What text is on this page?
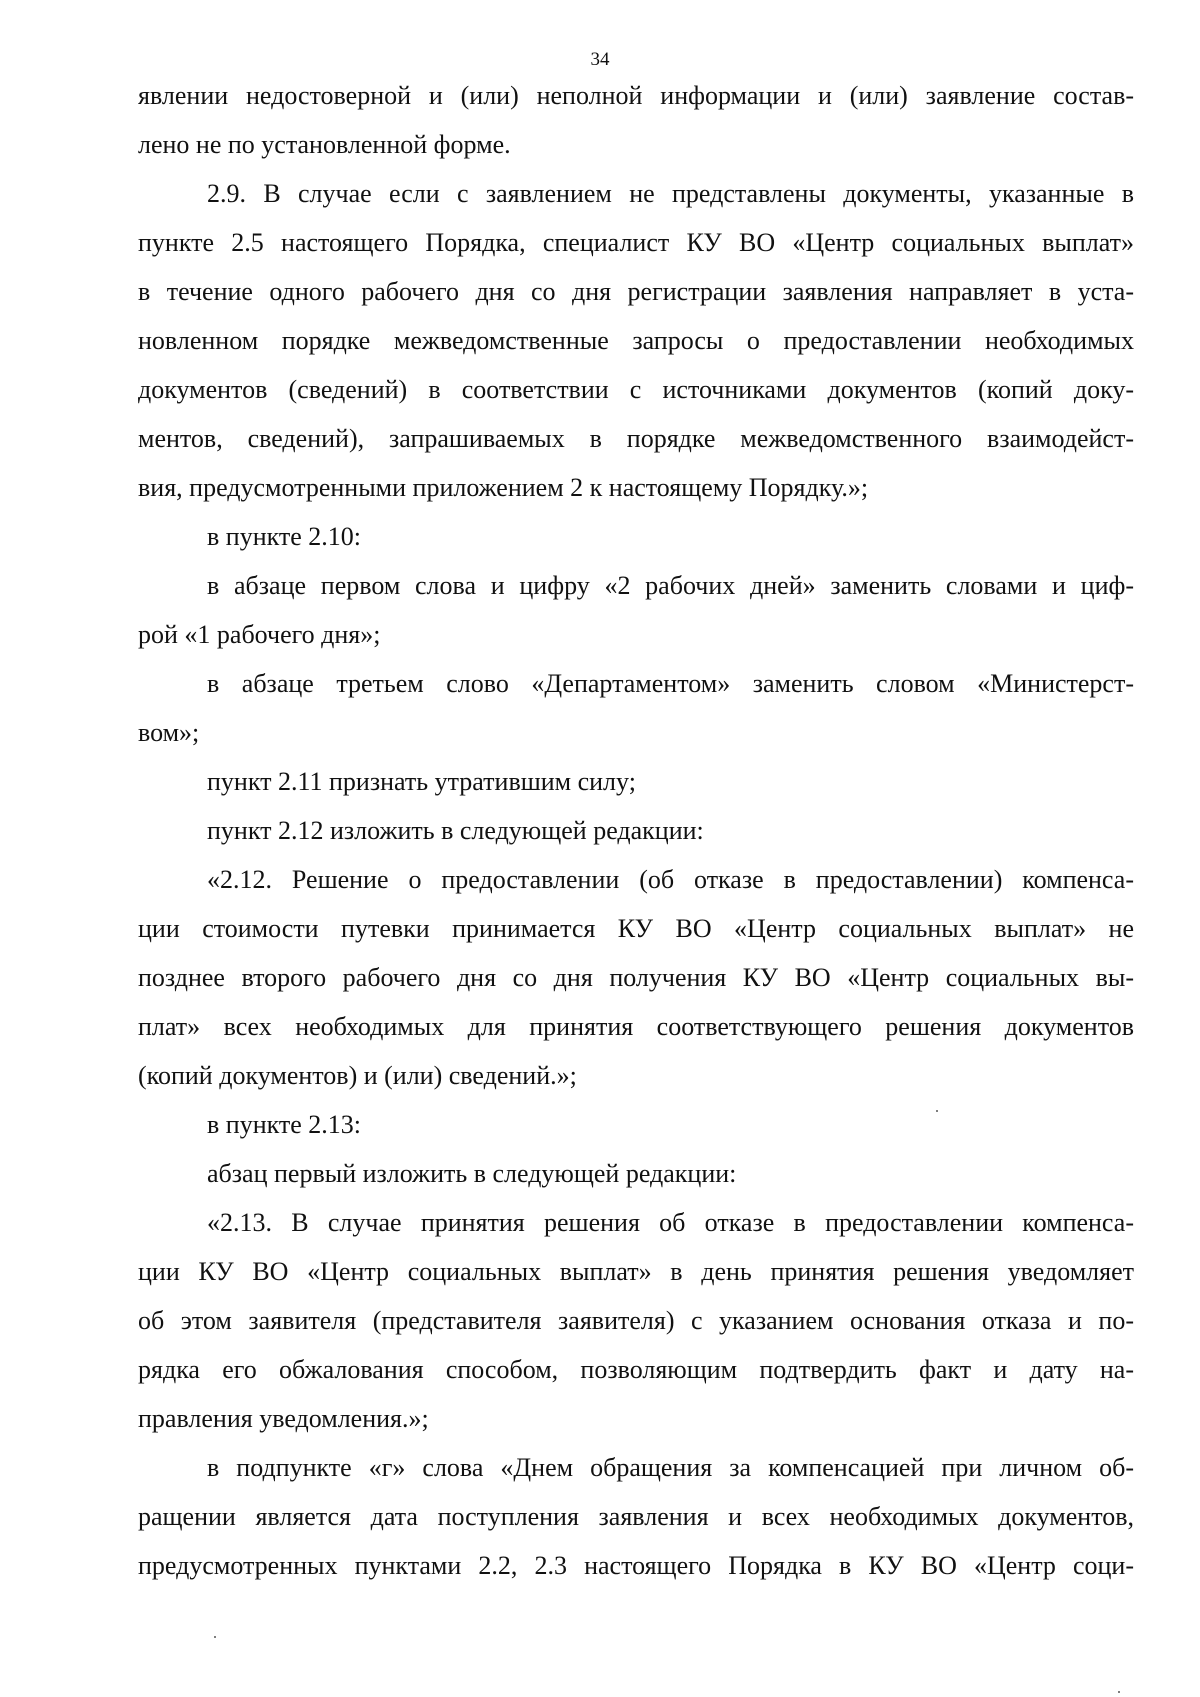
34
явлении недостоверной и (или) неполной информации и (или) заявление состав-
лено не по установленной форме.
2.9. В случае если с заявлением не представлены документы, указанные в
пункте 2.5 настоящего Порядка, специалист КУ ВО «Центр социальных выплат»
в течение одного рабочего дня со дня регистрации заявления направляет в уста-
новленном порядке межведомственные запросы о предоставлении необходимых
документов (сведений) в соответствии с источниками документов (копий доку-
ментов, сведений), запрашиваемых в порядке межведомственного взаимодейст-
вия, предусмотренными приложением 2 к настоящему Порядку.»;
в пункте 2.10:
в абзаце первом слова и цифру «2 рабочих дней» заменить словами и циф-
рой «1 рабочего дня»;
в абзаце третьем слово «Департаментом» заменить словом «Министерст-
вом»;
пункт 2.11 признать утратившим силу;
пункт 2.12 изложить в следующей редакции:
«2.12. Решение о предоставлении (об отказе в предоставлении) компенса-
ции стоимости путевки принимается КУ ВО «Центр социальных выплат» не
позднее второго рабочего дня со дня получения КУ ВО «Центр социальных вы-
плат» всех необходимых для принятия соответствующего решения документов
(копий документов) и (или) сведений.»;
в пункте 2.13:
абзац первый изложить в следующей редакции:
«2.13. В случае принятия решения об отказе в предоставлении компенса-
ции КУ ВО «Центр социальных выплат» в день принятия решения уведомляет
об этом заявителя (представителя заявителя) с указанием основания отказа и по-
рядка его обжалования способом, позволяющим подтвердить факт и дату на-
правления уведомления.»;
в подпункте «г» слова «Днем обращения за компенсацией при личном об-
ращении является дата поступления заявления и всех необходимых документов,
предусмотренных пунктами 2.2, 2.3 настоящего Порядка в КУ ВО «Центр соци-
